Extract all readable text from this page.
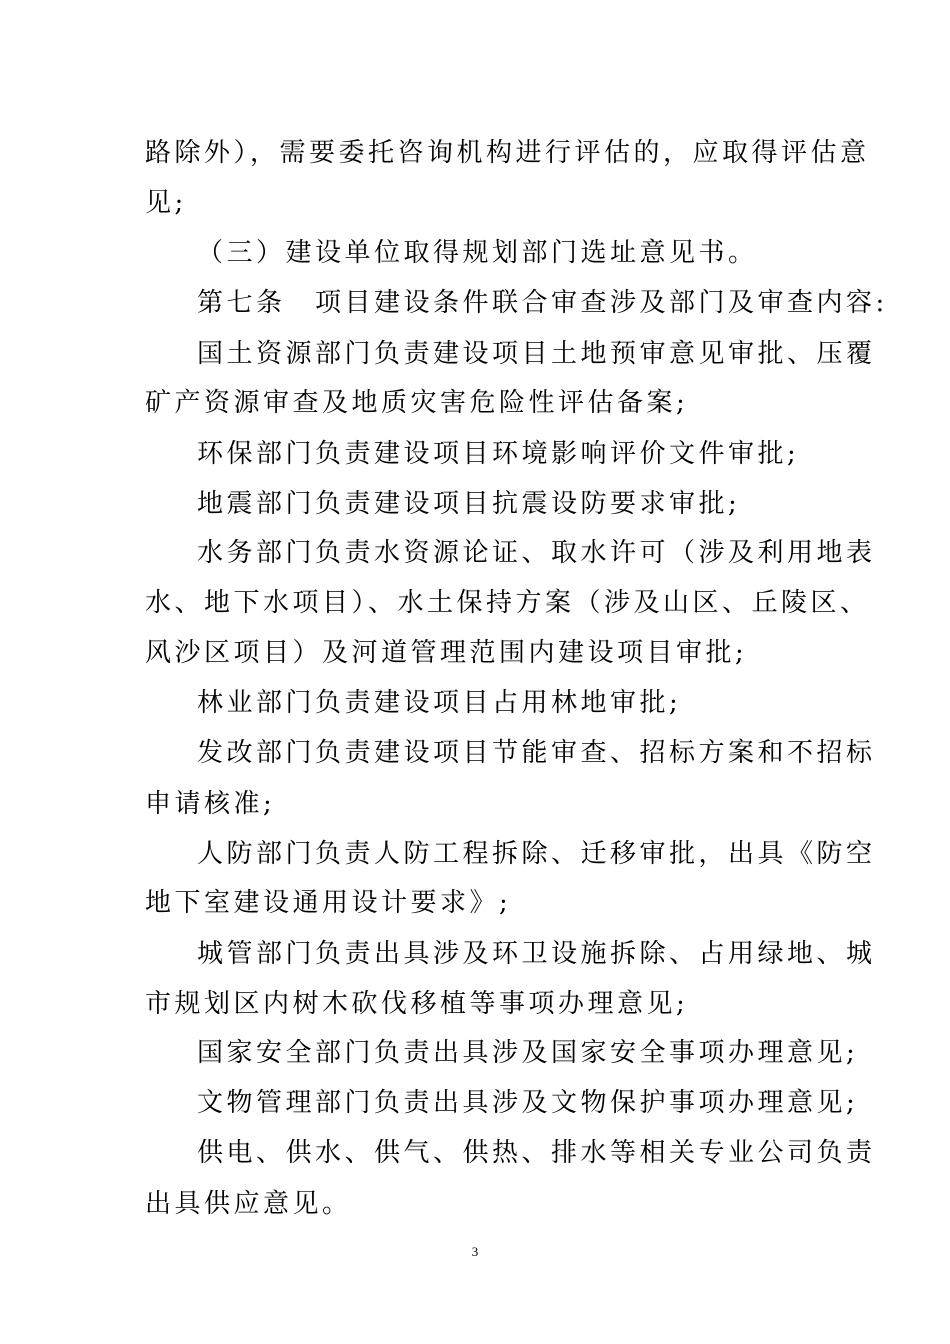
路除外），需要委托咨询机构进行评估的，应取得评估意
见;
（三）建设单位取得规划部门选址意见书。
第七条　项目建设条件联合审查涉及部门及审查内容:
国土资源部门负责建设项目土地预审意见审批、压覆
矿产资源审查及地质灾害危险性评估备案;
环保部门负责建设项目环境影响评价文件审批;
地震部门负责建设项目抗震设防要求审批;
水务部门负责水资源论证、取水许可（涉及利用地表
水、地下水项目）、水土保持方案（涉及山区、丘陵区、
风沙区项目）及河道管理范围内建设项目审批;
林业部门负责建设项目占用林地审批;
发改部门负责建设项目节能审查、招标方案和不招标
申请核准;
人防部门负责人防工程拆除、迁移审批，出具《防空
地下室建设通用设计要求》;
城管部门负责出具涉及环卫设施拆除、占用绿地、城
市规划区内树木砍伐移植等事项办理意见;
国家安全部门负责出具涉及国家安全事项办理意见;
文物管理部门负责出具涉及文物保护事项办理意见;
供电、供水、供气、供热、排水等相关专业公司负责
出具供应意见。
3
